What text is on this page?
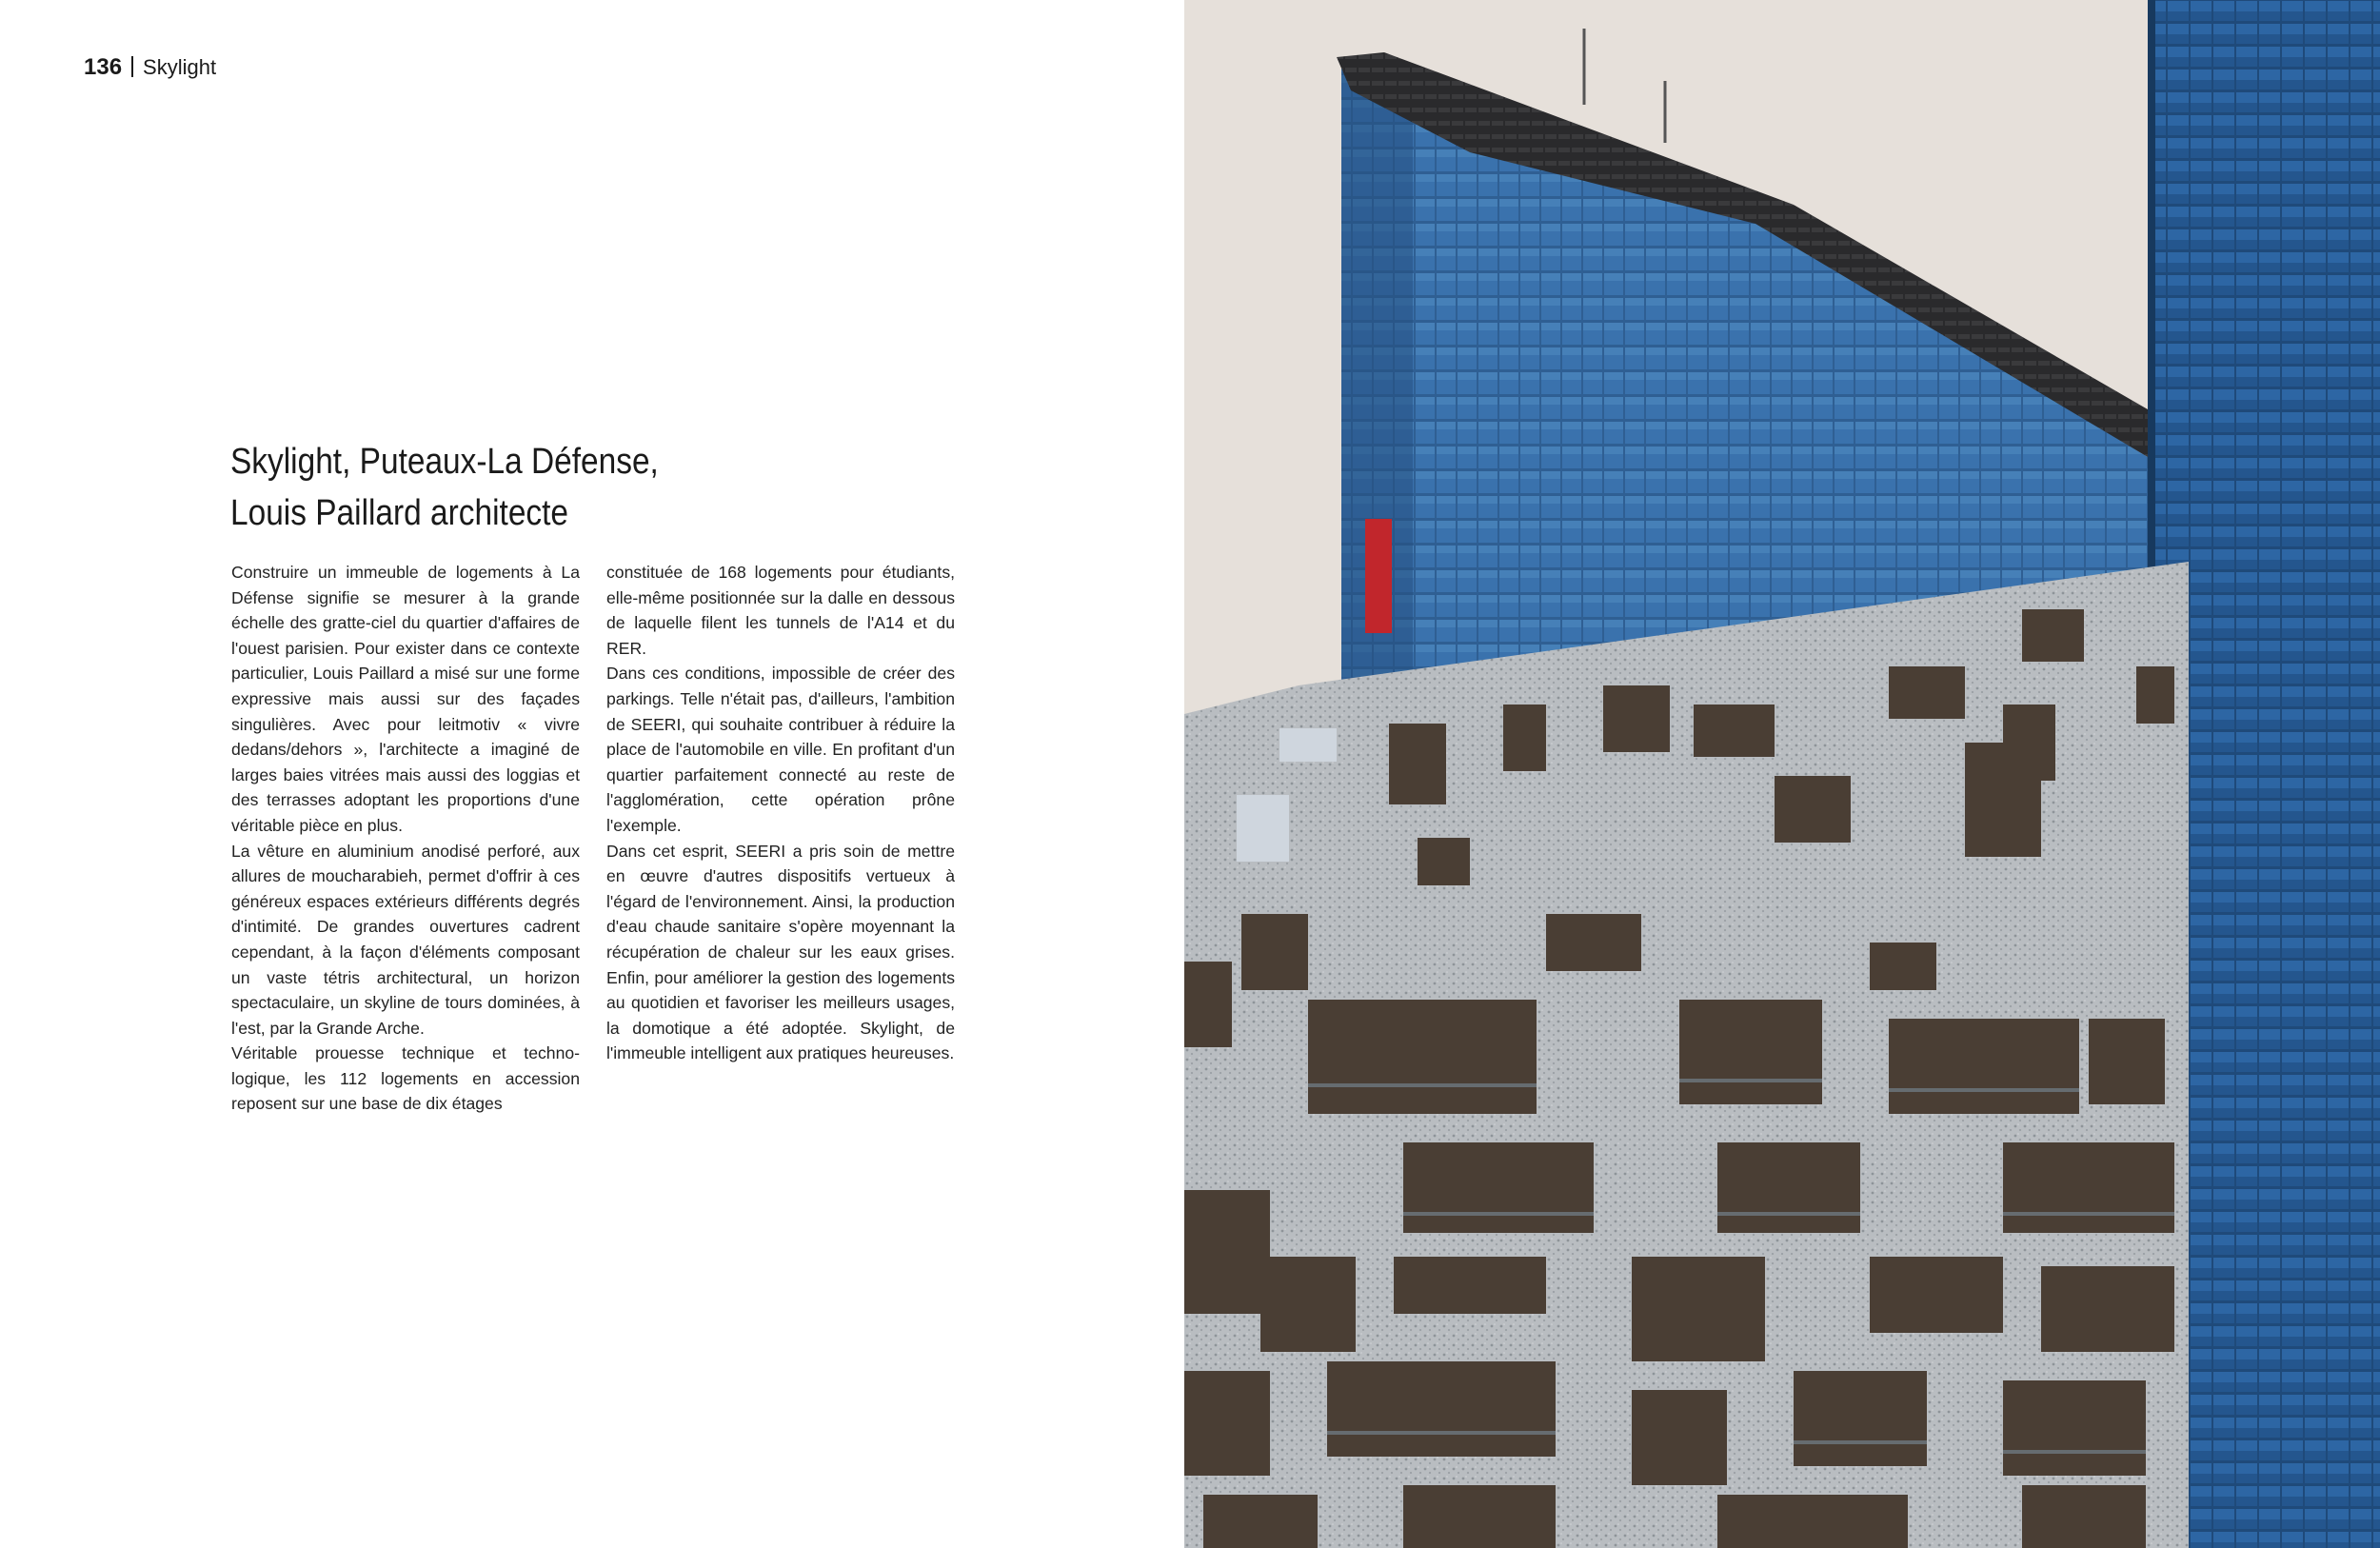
136 Skylight
Skylight, Puteaux-La Défense,
Louis Paillard architecte

Construire un immeuble de logements à La Défense signifie se mesurer à la grande échelle des gratte-ciel du quartier d'affaires de l'ouest parisien. Pour exister dans ce contexte particulier, Louis Paillard a misé sur une forme expressive mais aussi sur des façades singulières. Avec pour leitmotiv « vivre dedans/dehors », l'architecte a imaginé de larges baies vitrées mais aussi des loggias et des terrasses adoptant les proportions d'une véritable pièce en plus.

La vêture en aluminium anodisé perforé, aux allures de moucharabieh, permet d'offrir à ces généreux espaces extérieurs différents degrés d'intimité. De grandes ouvertures cadrent cependant, à la façon d'éléments composant un vaste tétris architectural, un horizon spectaculaire, un skyline de tours dominées, à l'est, par la Grande Arche.

Véritable prouesse technique et techno-logique, les 112 logements en accession reposent sur une base de dix étages

constituée de 168 logements pour étudiants, elle-même positionnée sur la dalle en dessous de laquelle filent les tunnels de l'A14 et du RER.

Dans ces conditions, impossible de créer des parkings. Telle n'était pas, d'ailleurs, l'ambition de SEERI, qui souhaite contribuer à réduire la place de l'automobile en ville. En profitant d'un quartier parfaitement connecté au reste de l'agglomération, cette opération prône l'exemple.

Dans cet esprit, SEERI a pris soin de mettre en œuvre d'autres dispositifs vertueux à l'égard de l'environnement. Ainsi, la production d'eau chaude sanitaire s'opère moyennant la récupération de chaleur sur les eaux grises. Enfin, pour améliorer la gestion des logements au quotidien et favoriser les meilleurs usages, la domotique a été adoptée. Skylight, de l'immeuble intelligent aux pratiques heureuses.
